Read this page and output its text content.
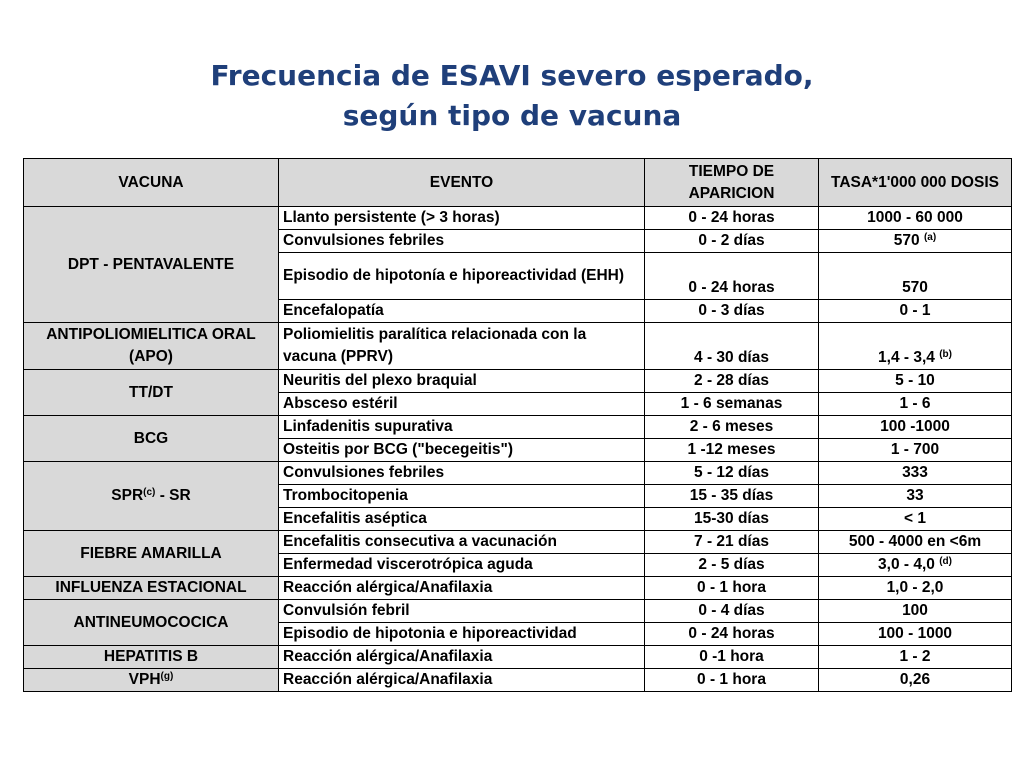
Frecuencia de ESAVI severo esperado,
según tipo de vacuna
VACUNA	EVENTO	TIEMPO DE APARICION	TASA*1'000 000 DOSIS
DPT - PENTAVALENTE	Llanto persistente (> 3 horas)	0 - 24 horas	1000 - 60 000
	Convulsiones febriles	0 - 2 días	570 $^{(a)}$
	Episodio de hipotonía e hiporeactividad (EHH)	0 - 24 horas	570
	Encefalopatía	0 - 3 días	0 - 1
ANTIPOLIOMIELITICA ORAL (APO)	Poliomielitis paralítica relacionada con la vacuna (PPRV)	4 - 30 días	1,4 - 3,4 $^{(b)}$
TT/DT	Neuritis del plexo braquial	2 - 28 días	5 - 10
	Absceso estéril	1 - 6 semanas	1 - 6
BCG	Linfadenitis supurativa	2 - 6 meses	100 -1000
	Osteitis por BCG ("becegeitis")	1 -12 meses	1 - 700
SPR$^{(c)}$ - SR	Convulsiones febriles	5 - 12 días	333
	Trombocitopenia	15 - 35 días	33
	Encefalitis aséptica	15-30 días	< 1
FIEBRE AMARILLA	Encefalitis consecutiva a vacunación	7 - 21 días	500 - 4000 en <6m
	Enfermedad viscerotrópica aguda	2 - 5 días	3,0 - 4,0 $^{(d)}$
INFLUENZA ESTACIONAL	Reacción alérgica/Anafilaxia	0 - 1 hora	1,0 - 2,0
ANTINEUMOCOCICA	Convulsión febril	0 - 4 días	100
	Episodio de hipotonia e hiporeactividad	0 - 24 horas	100 - 1000
HEPATITIS B	Reacción alérgica/Anafilaxia	0 -1 hora	1 - 2
VPH$^{(g)}$	Reacción alérgica/Anafilaxia	0 - 1 hora	0,26
